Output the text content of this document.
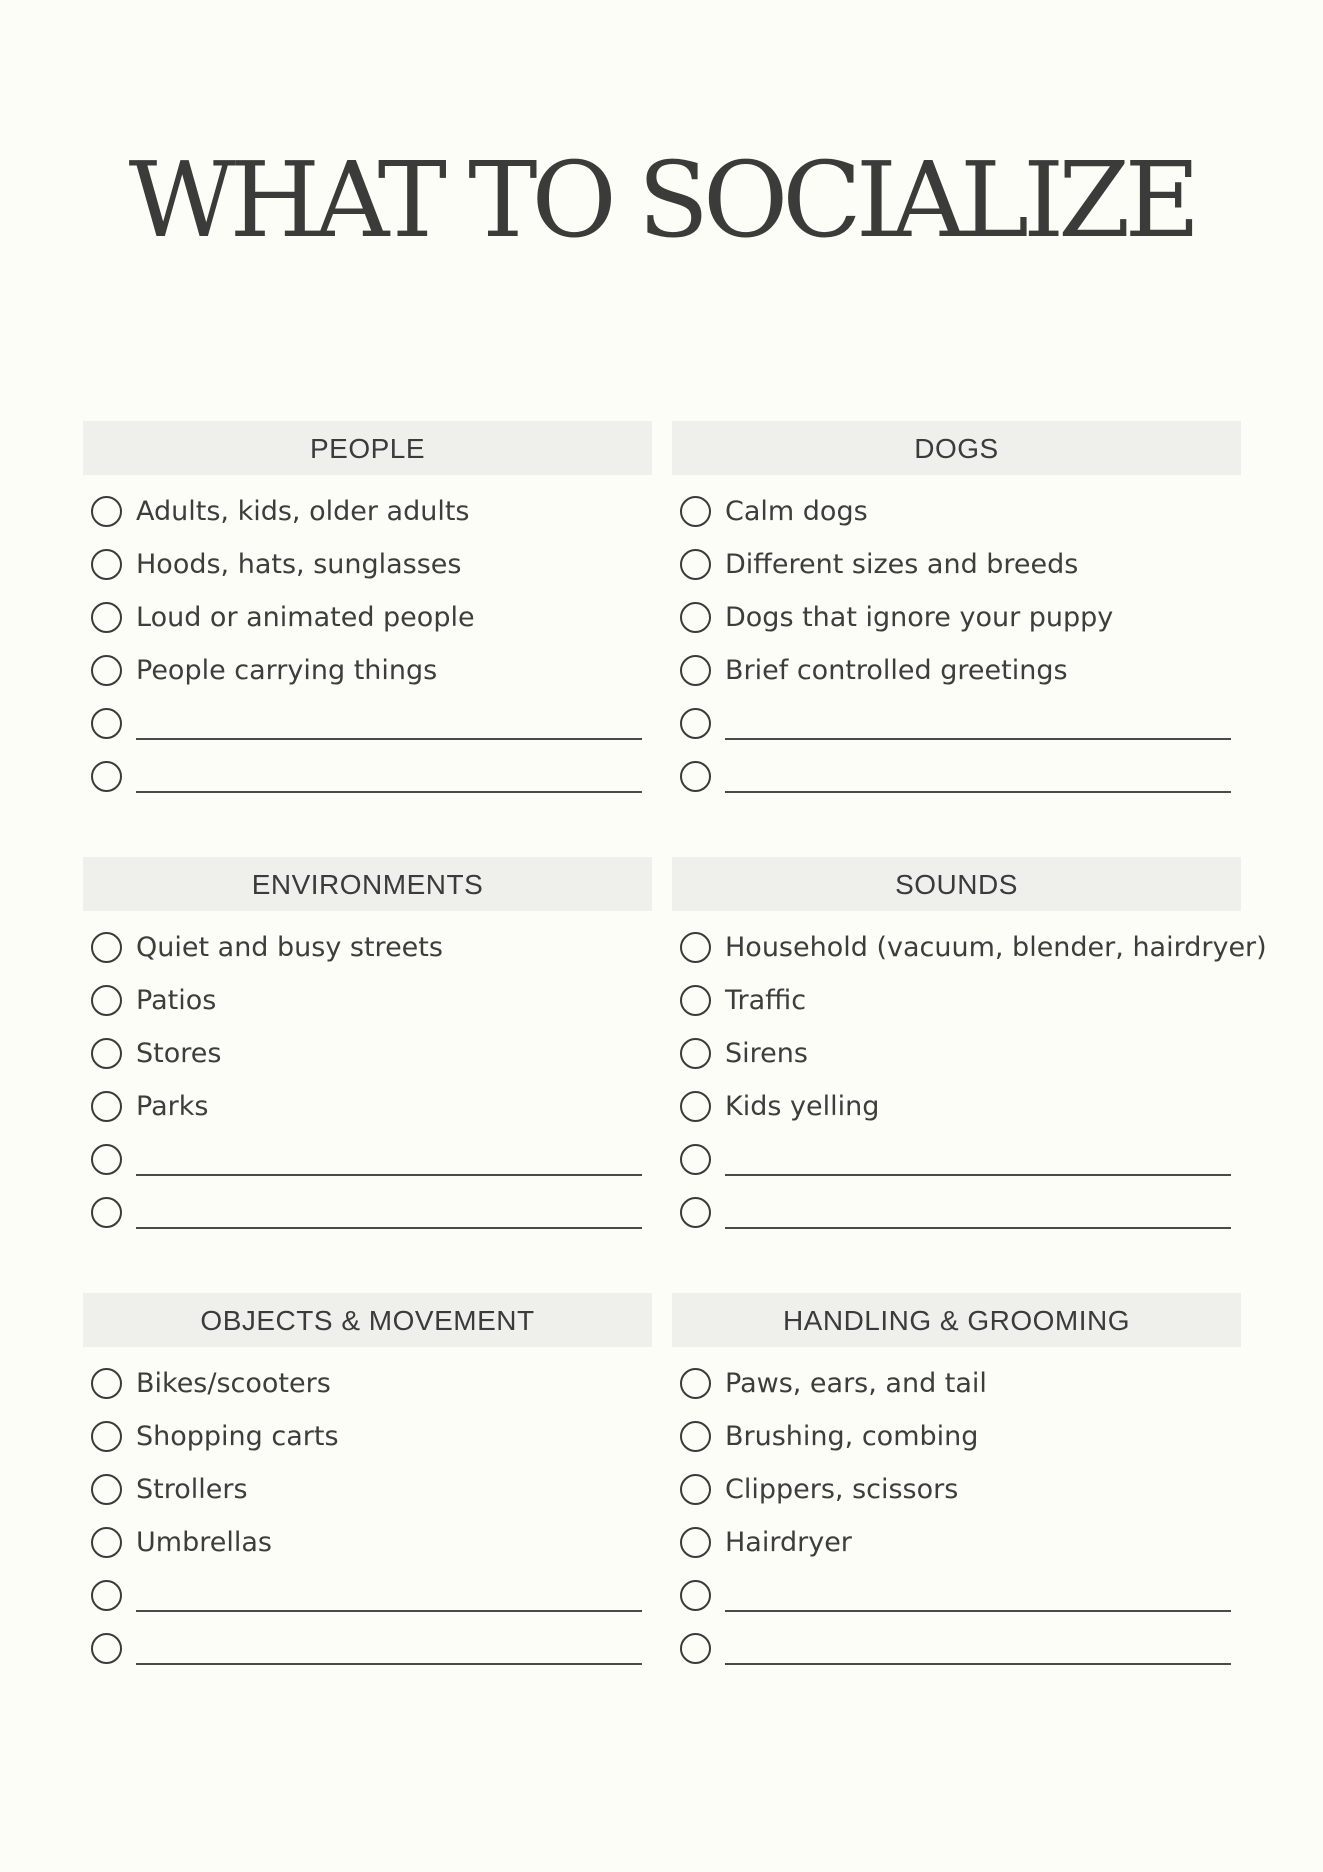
WHAT TO SOCIALIZE
PEOPLE
Adults, kids, older adults
Hoods, hats, sunglasses
Loud or animated people
People carrying things
DOGS
Calm dogs
Different sizes and breeds
Dogs that ignore your puppy
Brief controlled greetings
ENVIRONMENTS
Quiet and busy streets
Patios
Stores
Parks
SOUNDS
Household (vacuum, blender, hairdryer)
Traffic
Sirens
Kids yelling
OBJECTS & MOVEMENT
Bikes/scooters
Shopping carts
Strollers
Umbrellas
HANDLING & GROOMING
Paws, ears, and tail
Brushing, combing
Clippers, scissors
Hairdryer
